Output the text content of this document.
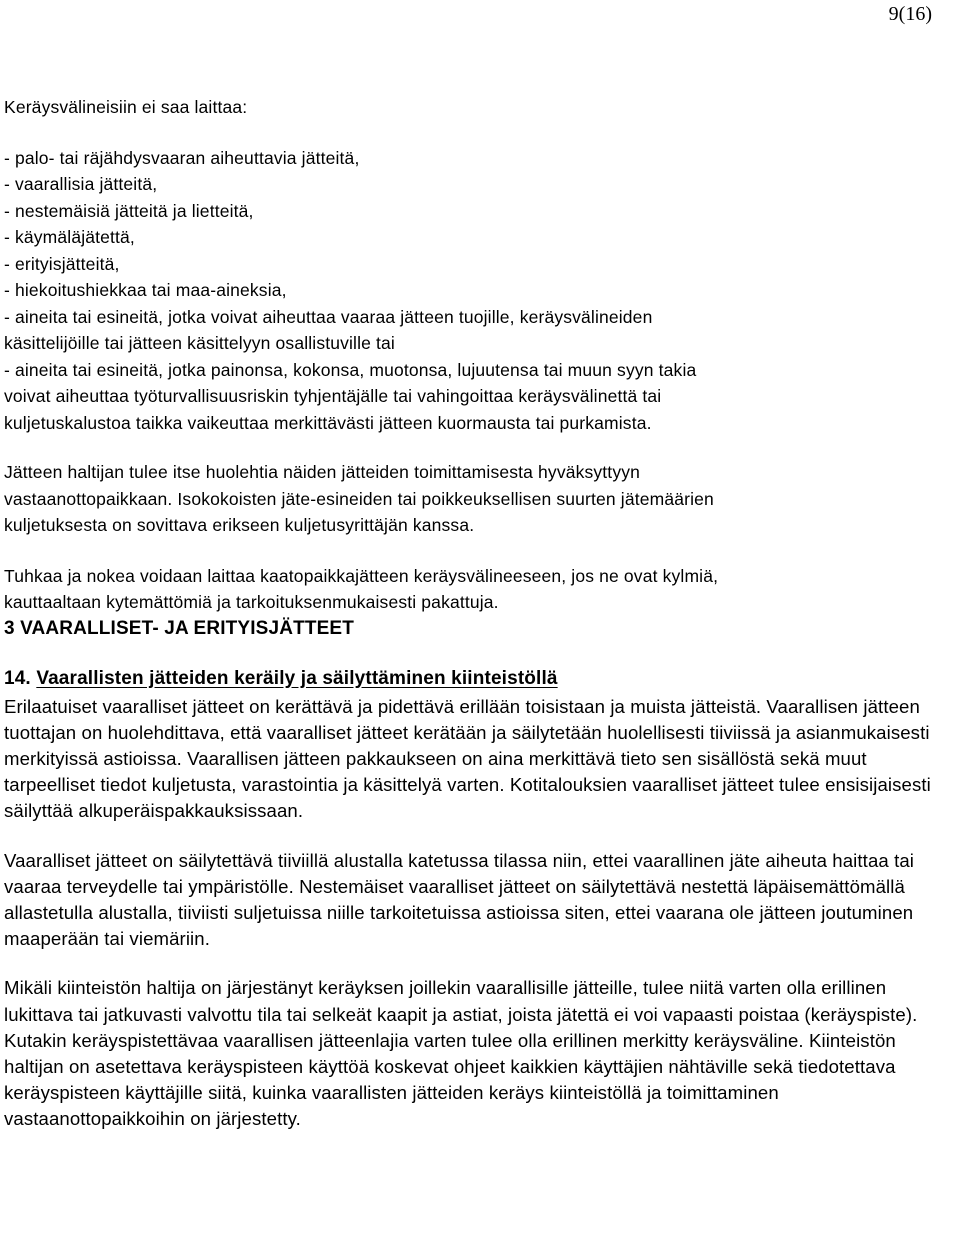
9(16)

Keräysvälineisiin ei saa laittaa:

- palo- tai räjähdysvaaran aiheuttavia jätteitä,
- vaarallisia jätteitä,
- nestemäisiä jätteitä ja lietteitä,
- käymäläjätettä,
- erityisjätteitä,
- hiekoitushiekkaa tai maa-aineksia,
- aineita tai esineitä, jotka voivat aiheuttaa vaaraa jätteen tuojille, keräysvälineiden
käsittelijöille tai jätteen käsittelyyn osallistuville tai
- aineita tai esineitä, jotka painonsa, kokonsa, muotonsa, lujuutensa tai muun syyn takia
voivat aiheuttaa työturvallisuusriskin tyhjentäjälle tai vahingoittaa keräysvälinettä tai
kuljetuskalustoa taikka vaikeuttaa merkittävästi jätteen kuormausta tai purkamista.

Jätteen haltijan tulee itse huolehtia näiden jätteiden toimittamisesta hyväksyttyyn
vastaanottopaikkaan. Isokokoisten jäte-esineiden tai poikkeuksellisen suurten jätemäärien
kuljetuksesta on sovittava erikseen kuljetusyrittäjän kanssa.

Tuhkaa ja nokea voidaan laittaa kaatopaikkajätteen keräysvälineeseen, jos ne ovat kylmiä,
kauttaaltaan kytemättömiä ja tarkoituksenmukaisesti pakattuja.

3 VAARALLISET- JA ERITYISJÄTTEET

14. Vaarallisten jätteiden keräily ja säilyttäminen kiinteistöllä

Erilaatuiset vaaralliset jätteet on kerättävä ja pidettävä erillään toisistaan ja muista jätteistä. Vaarallisen jätteen tuottajan on huolehdittava, että vaaralliset jätteet kerätään ja säilytetään huolellisesti tiiviissä ja asianmukaisesti merkityissä astioissa. Vaarallisen jätteen pakkaukseen on aina merkittävä tieto sen sisällöstä sekä muut tarpeelliset tiedot kuljetusta, varastointia ja käsittelyä varten. Kotitalouksien vaaralliset jätteet tulee ensisijaisesti säilyttää alkuperäispakkauksissaan.

Vaaralliset jätteet on säilytettävä tiiviillä alustalla katetussa tilassa niin, ettei vaarallinen jäte aiheuta haittaa tai vaaraa terveydelle tai ympäristölle. Nestemäiset vaaralliset jätteet on säilytettävä nestettä läpäisemättömällä allastetulla alustalla, tiiviisti suljetuissa niille tarkoitetuissa astioissa siten, ettei vaarana ole jätteen joutuminen maaperään tai viemäriin.

Mikäli kiinteistön haltija on järjestänyt keräyksen joillekin vaarallisille jätteille, tulee niitä varten olla erillinen lukittava tai jatkuvasti valvottu tila tai selkeät kaapit ja astiat, joista jätettä ei voi vapaasti poistaa (keräyspiste). Kutakin keräyspistettävaa vaarallisen jätteenlajia varten tulee olla erillinen merkitty keräysväline. Kiinteistön haltijan on asetettava keräyspisteen käyttöä koskevat ohjeet kaikkien käyttäjien nähtäville sekä tiedotettava keräyspisteen käyttäjille siitä, kuinka vaarallisten jätteiden keräys kiinteistöllä ja toimittaminen vastaanottopaikkoihin on järjestetty.
